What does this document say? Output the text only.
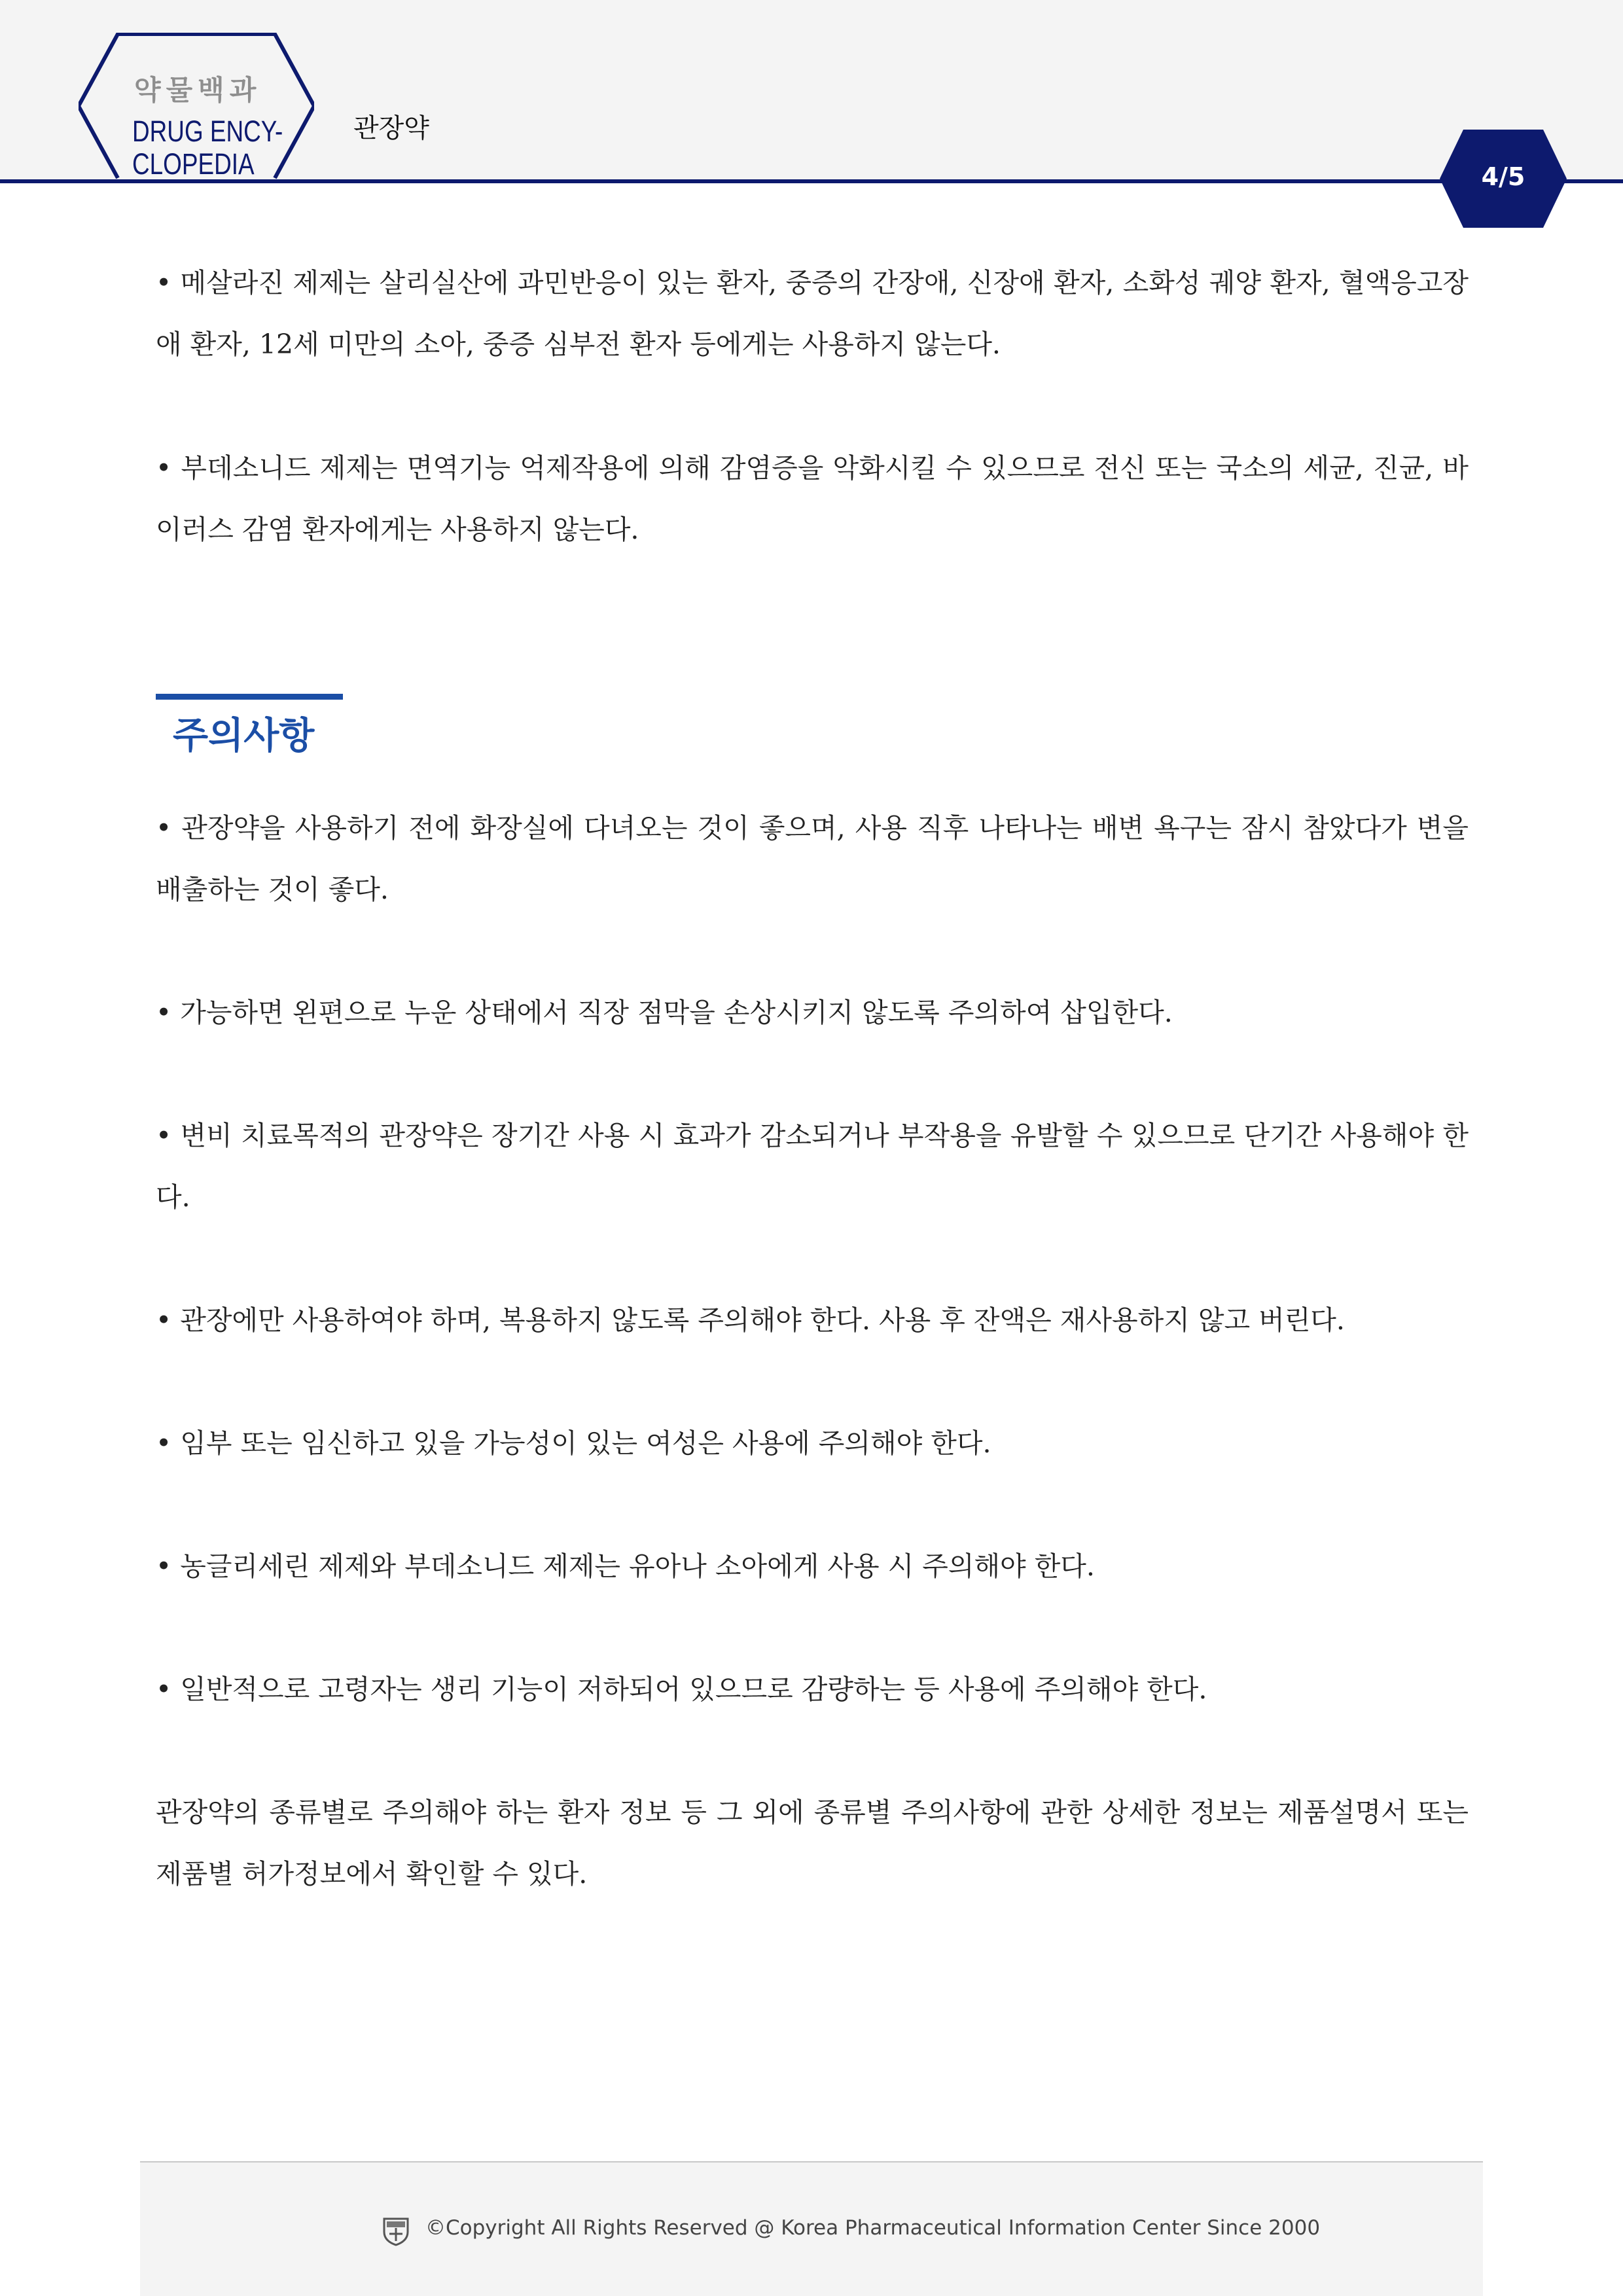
약물백과
DRUG ENCY-
CLOPEDIA
관장약
4/5

• 메살라진 제제는 살리실산에 과민반응이 있는 환자, 중증의 간장애, 신장애 환자, 소화성 궤양 환자, 혈액응고장애 환자, 12세 미만의 소아, 중증 심부전 환자 등에게는 사용하지 않는다.

• 부데소니드 제제는 면역기능 억제작용에 의해 감염증을 악화시킬 수 있으므로 전신 또는 국소의 세균, 진균, 바이러스 감염 환자에게는 사용하지 않는다.

주의사항

• 관장약을 사용하기 전에 화장실에 다녀오는 것이 좋으며, 사용 직후 나타나는 배변 욕구는 잠시 참았다가 변을 배출하는 것이 좋다.

• 가능하면 왼편으로 누운 상태에서 직장 점막을 손상시키지 않도록 주의하여 삽입한다.

• 변비 치료목적의 관장약은 장기간 사용 시 효과가 감소되거나 부작용을 유발할 수 있으므로 단기간 사용해야 한다.

• 관장에만 사용하여야 하며, 복용하지 않도록 주의해야 한다. 사용 후 잔액은 재사용하지 않고 버린다.

• 임부 또는 임신하고 있을 가능성이 있는 여성은 사용에 주의해야 한다.

• 농글리세린 제제와 부데소니드 제제는 유아나 소아에게 사용 시 주의해야 한다.

• 일반적으로 고령자는 생리 기능이 저하되어 있으므로 감량하는 등 사용에 주의해야 한다.

관장약의 종류별로 주의해야 하는 환자 정보 등 그 외에 종류별 주의사항에 관한 상세한 정보는 제품설명서 또는 제품별 허가정보에서 확인할 수 있다.

©Copyright All Rights Reserved @ Korea Pharmaceutical Information Center Since 2000
